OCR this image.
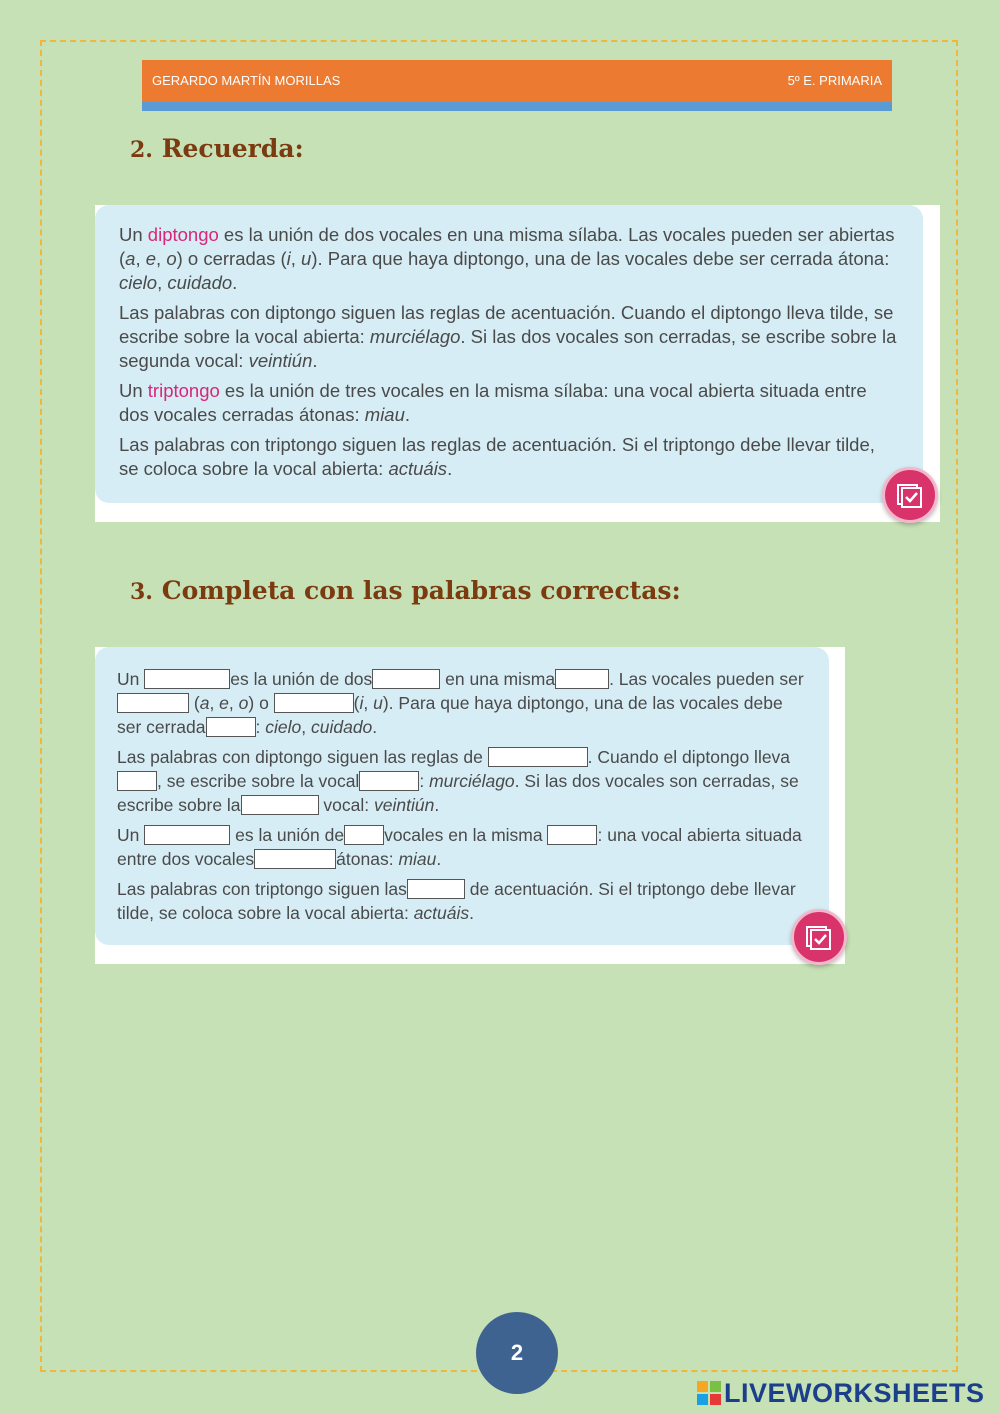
GERARDO MARTÍN MORILLAS	5º E. PRIMARIA
2. Recuerda:

Un diptongo es la unión de dos vocales en una misma sílaba. Las vocales pueden ser abiertas (a, e, o) o cerradas (i, u). Para que haya diptongo, una de las vocales debe ser cerrada átona: cielo, cuidado.

Las palabras con diptongo siguen las reglas de acentuación. Cuando el diptongo lleva tilde, se escribe sobre la vocal abierta: murciélago. Si las dos vocales son cerradas, se escribe sobre la segunda vocal: veintiún.

Un triptongo es la unión de tres vocales en la misma sílaba: una vocal abierta situada entre dos vocales cerradas átonas: miau.

Las palabras con triptongo siguen las reglas de acentuación. Si el triptongo debe llevar tilde, se coloca sobre la vocal abierta: actuáis.

3. Completa con las palabras correctas:

Un	es la unión de dos	en una misma	. Las vocales pueden ser (a, e, o) o	(i, u). Para que haya diptongo, una de las vocales debe ser cerrada	: cielo, cuidado.

Las palabras con diptongo siguen las reglas de	. Cuando el diptongo lleva, se escribe sobre la vocal	: murciélago. Si las dos vocales son cerradas, se escribe sobre la	vocal: veintiún.

Un	es la unión de vocales en la misma	: una vocal abierta situada entre dos vocales	átonas: miau.

Las palabras con triptongo siguen las	de acentuación. Si el triptongo debe llevar tilde, se coloca sobre la vocal abierta: actuáis.

2
LIVEWORKSHEETS
